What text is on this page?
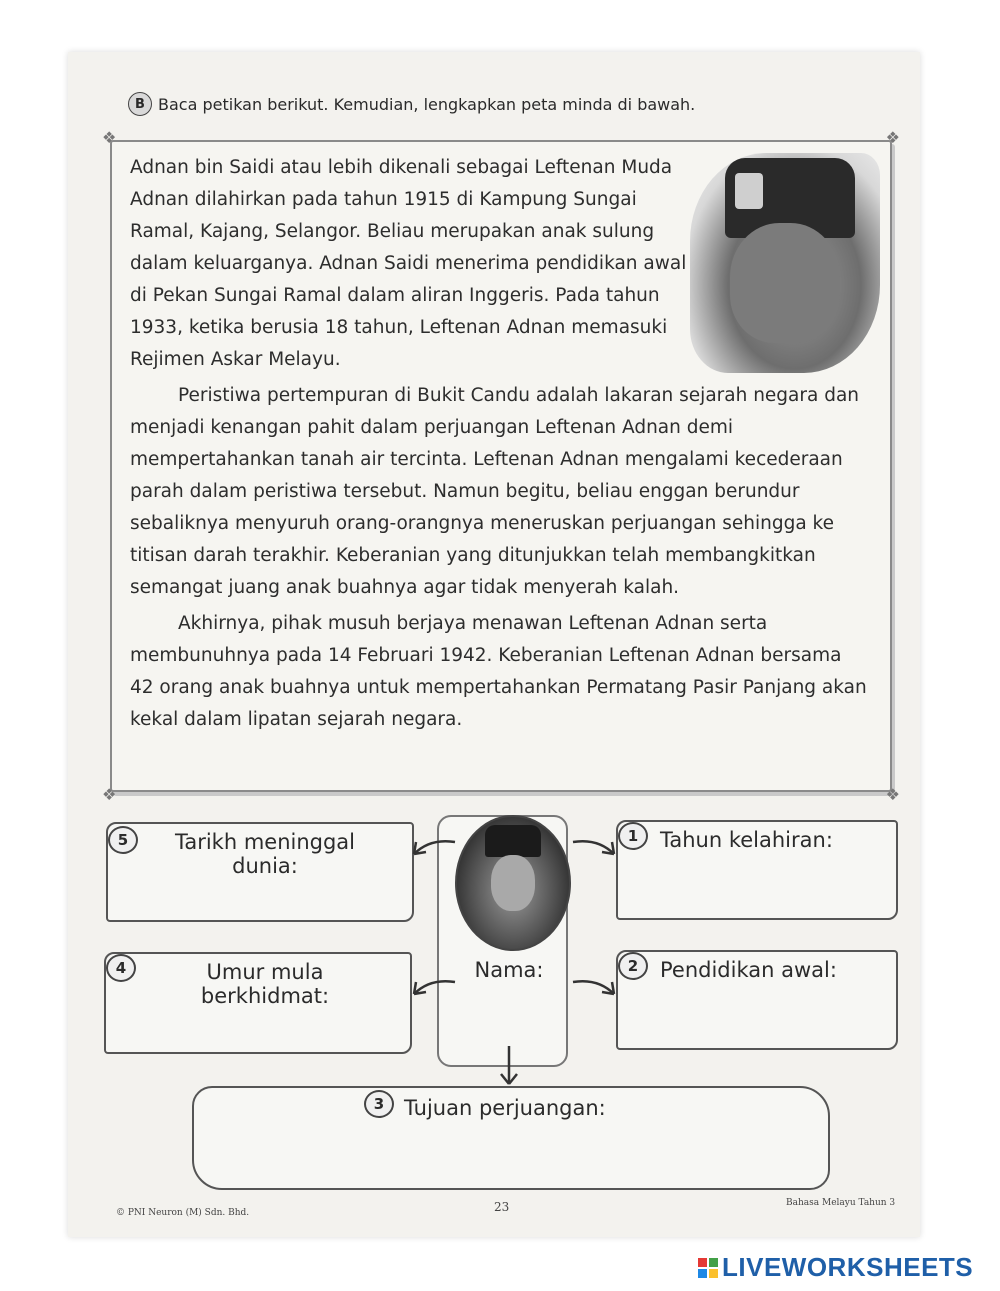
B Baca petikan berikut. Kemudian, lengkapkan peta minda di bawah.
❖	❖
❖	❖

Adnan bin Saidi atau lebih dikenali sebagai Leftenan Muda Adnan dilahirkan pada tahun 1915 di Kampung Sungai Ramal, Kajang, Selangor. Beliau merupakan anak sulung dalam keluarganya. Adnan Saidi menerima pendidikan awal di Pekan Sungai Ramal dalam aliran Inggeris. Pada tahun 1933, ketika berusia 18 tahun, Leftenan Adnan memasuki Rejimen Askar Melayu.

Peristiwa pertempuran di Bukit Candu adalah lakaran sejarah negara dan menjadi kenangan pahit dalam perjuangan Leftenan Adnan demi mempertahankan tanah air tercinta. Leftenan Adnan mengalami kecederaan parah dalam peristiwa tersebut. Namun begitu, beliau enggan berundur sebaliknya menyuruh orang-orangnya meneruskan perjuangan sehingga ke titisan darah terakhir. Keberanian yang ditunjukkan telah membangkitkan semangat juang anak buahnya agar tidak menyerah kalah.

Akhirnya, pihak musuh berjaya menawan Leftenan Adnan serta membunuhnya pada 14 Februari 1942. Keberanian Leftenan Adnan bersama 42 orang anak buahnya untuk mempertahankan Permatang Pasir Panjang akan kekal dalam lipatan sejarah negara.

Nama:
5	Tarikh meninggal dunia:
1	Tahun kelahiran:
4	Umur mula berkhidmat:
2	Pendidikan awal:
3 Tujuan perjuangan:
© PNI Neuron (M) Sdn. Bhd.	23	Bahasa Melayu Tahun 3
LIVEWORKSHEETS
